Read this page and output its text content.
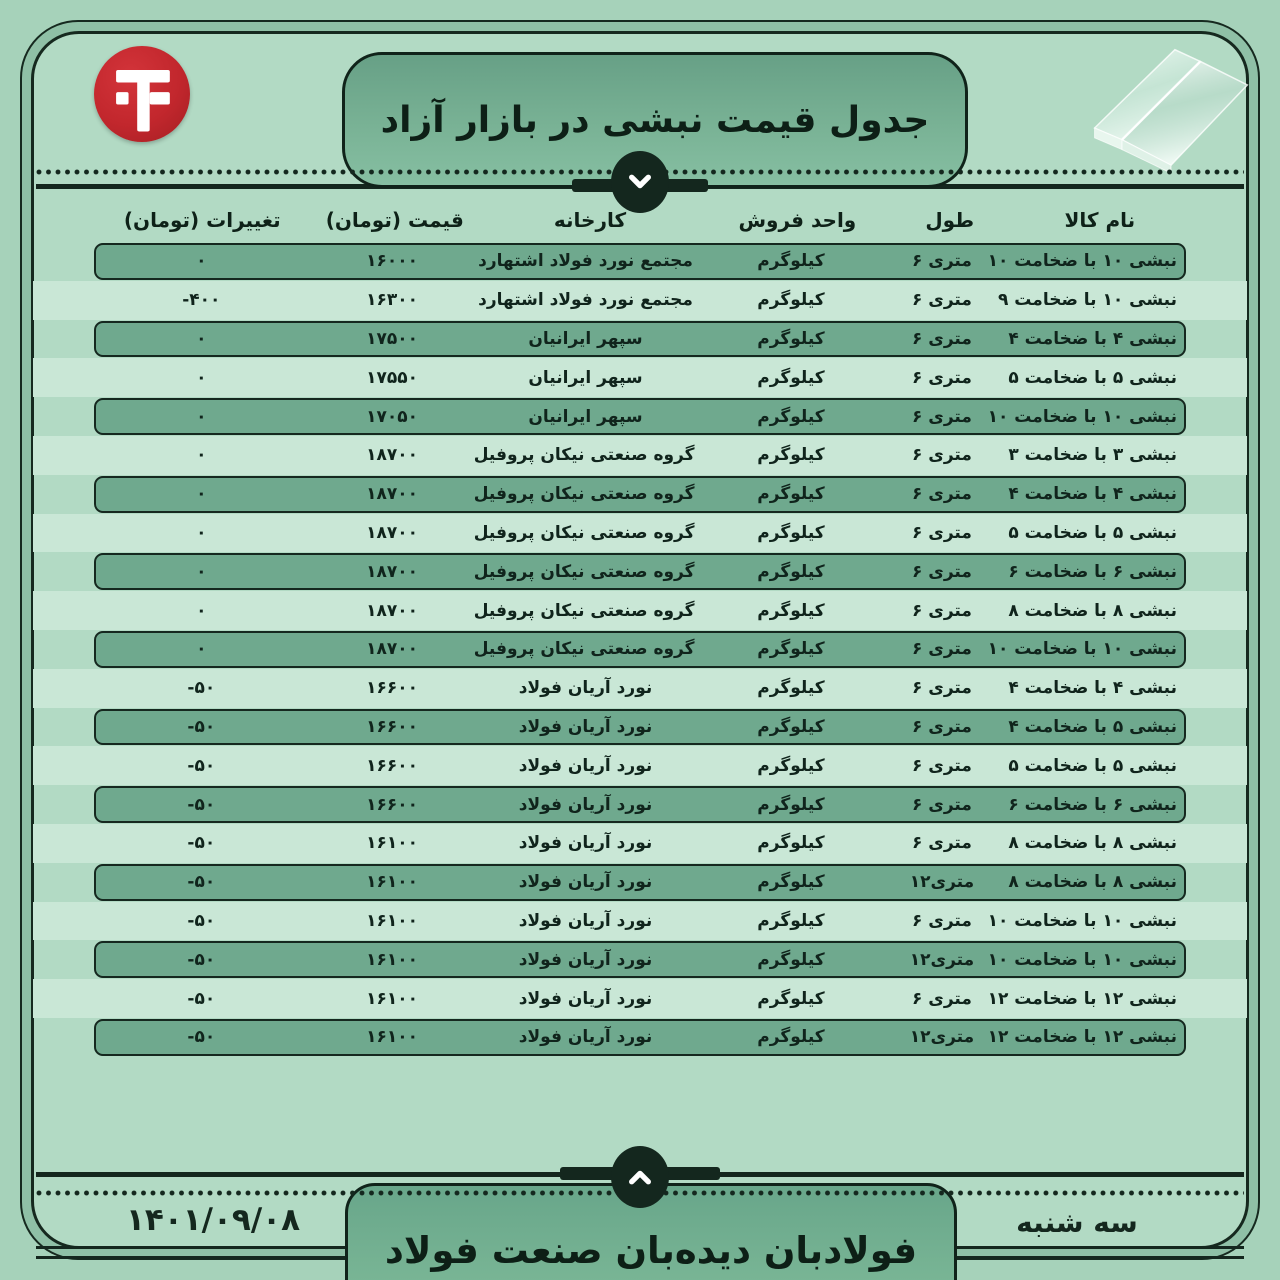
جدول قیمت نبشی در بازار آزاد
نام کالا
طول
واحد فروش
کارخانه
قیمت (تومان)
تغییرات (تومان)
نبشی ۱۰ با ضخامت ۱۰
متری ۶
کیلوگرم
مجتمع نورد فولاد اشتهارد
۱۶۰۰۰
۰
نبشی ۱۰ با ضخامت ۹
متری ۶
کیلوگرم
مجتمع نورد فولاد اشتهارد
۱۶۳۰۰
-۴۰۰
نبشی ۴ با ضخامت ۴
متری ۶
کیلوگرم
سپهر ایرانیان
۱۷۵۰۰
۰
نبشی ۵ با ضخامت ۵
متری ۶
کیلوگرم
سپهر ایرانیان
۱۷۵۵۰
۰
نبشی ۱۰ با ضخامت ۱۰
متری ۶
کیلوگرم
سپهر ایرانیان
۱۷۰۵۰
۰
نبشی ۳ با ضخامت ۳
متری ۶
کیلوگرم
گروه صنعتی نیکان پروفیل
۱۸۷۰۰
۰
نبشی ۴ با ضخامت ۴
متری ۶
کیلوگرم
گروه صنعتی نیکان پروفیل
۱۸۷۰۰
۰
نبشی ۵ با ضخامت ۵
متری ۶
کیلوگرم
گروه صنعتی نیکان پروفیل
۱۸۷۰۰
۰
نبشی ۶ با ضخامت ۶
متری ۶
کیلوگرم
گروه صنعتی نیکان پروفیل
۱۸۷۰۰
۰
نبشی ۸ با ضخامت ۸
متری ۶
کیلوگرم
گروه صنعتی نیکان پروفیل
۱۸۷۰۰
۰
نبشی ۱۰ با ضخامت ۱۰
متری ۶
کیلوگرم
گروه صنعتی نیکان پروفیل
۱۸۷۰۰
۰
نبشی ۴ با ضخامت ۴
متری ۶
کیلوگرم
نورد آریان فولاد
۱۶۶۰۰
-۵۰
نبشی ۵ با ضخامت ۴
متری ۶
کیلوگرم
نورد آریان فولاد
۱۶۶۰۰
-۵۰
نبشی ۵ با ضخامت ۵
متری ۶
کیلوگرم
نورد آریان فولاد
۱۶۶۰۰
-۵۰
نبشی ۶ با ضخامت ۶
متری ۶
کیلوگرم
نورد آریان فولاد
۱۶۶۰۰
-۵۰
نبشی ۸ با ضخامت ۸
متری ۶
کیلوگرم
نورد آریان فولاد
۱۶۱۰۰
-۵۰
نبشی ۸ با ضخامت ۸
متری۱۲
کیلوگرم
نورد آریان فولاد
۱۶۱۰۰
-۵۰
نبشی ۱۰ با ضخامت ۱۰
متری ۶
کیلوگرم
نورد آریان فولاد
۱۶۱۰۰
-۵۰
نبشی ۱۰ با ضخامت ۱۰
متری۱۲
کیلوگرم
نورد آریان فولاد
۱۶۱۰۰
-۵۰
نبشی ۱۲ با ضخامت ۱۲
متری ۶
کیلوگرم
نورد آریان فولاد
۱۶۱۰۰
-۵۰
نبشی ۱۲ با ضخامت ۱۲
متری۱۲
کیلوگرم
نورد آریان فولاد
۱۶۱۰۰
-۵۰
فولادبان دیده‌بان صنعت فولاد
۱۴۰۱/۰۹/۰۸	سه شنبه
